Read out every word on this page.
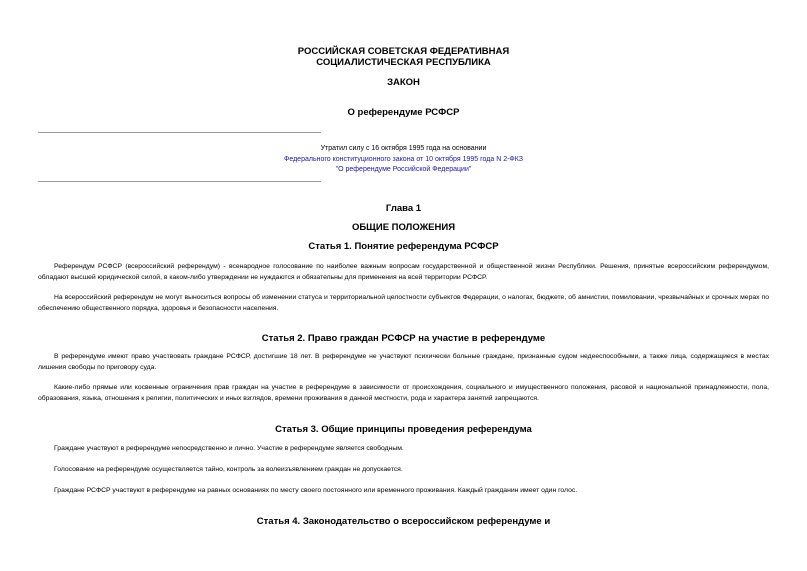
РОССИЙСКАЯ СОВЕТСКАЯ ФЕДЕРАТИВНАЯ
СОЦИАЛИСТИЧЕСКАЯ РЕСПУБЛИКА
ЗАКОН
О референдуме РСФСР
Утратил силу с 16 октября 1995 года на основании
Федерального конституционного закона от 10 октября 1995 года N 2-ФКЗ
"О референдуме Российской Федерации"
Глава 1
ОБЩИЕ ПОЛОЖЕНИЯ
Статья 1. Понятие референдума РСФСР
Референдум РСФСР (всероссийский референдум) - всенародное голосование по наиболее важным вопросам государственной и общественной жизни Республики. Решения, принятые всероссийским референдумом, обладают высшей юридической силой, в каком-либо утверждении не нуждаются и обязательны для применения на всей территории РСФСР.
На всероссийский референдум не могут выноситься вопросы об изменении статуса и территориальной целостности субъектов Федерации, о налогах, бюджете, об амнистии, помиловании, чрезвычайных и срочных мерах по обеспечению общественного порядка, здоровья и безопасности населения.
Статья 2. Право граждан РСФСР на участие в референдуме
В референдуме имеют право участвовать граждане РСФСР, достигшие 18 лет. В референдуме не участвуют психически больные граждане, признанные судом недееспособными, а также лица, содержащиеся в местах лишения свободы по приговору суда.
Какие-либо прямые или косвенные ограничения прав граждан на участие в референдуме в зависимости от происхождения, социального и имущественного положения, расовой и национальной принадлежности, пола, образования, языка, отношения к религии, политических и иных взглядов, времени проживания в данной местности, рода и характера занятий запрещаются.
Статья 3. Общие принципы проведения референдума
Граждане участвуют в референдуме непосредственно и лично. Участие в референдуме является свободным.
Голосование на референдуме осуществляется тайно, контроль за волеизъявлением граждан не допускается.
Граждане РСФСР участвуют в референдуме на равных основаниях по месту своего постоянного или временного проживания. Каждый гражданин имеет один голос.
Статья 4. Законодательство о всероссийском референдуме и
